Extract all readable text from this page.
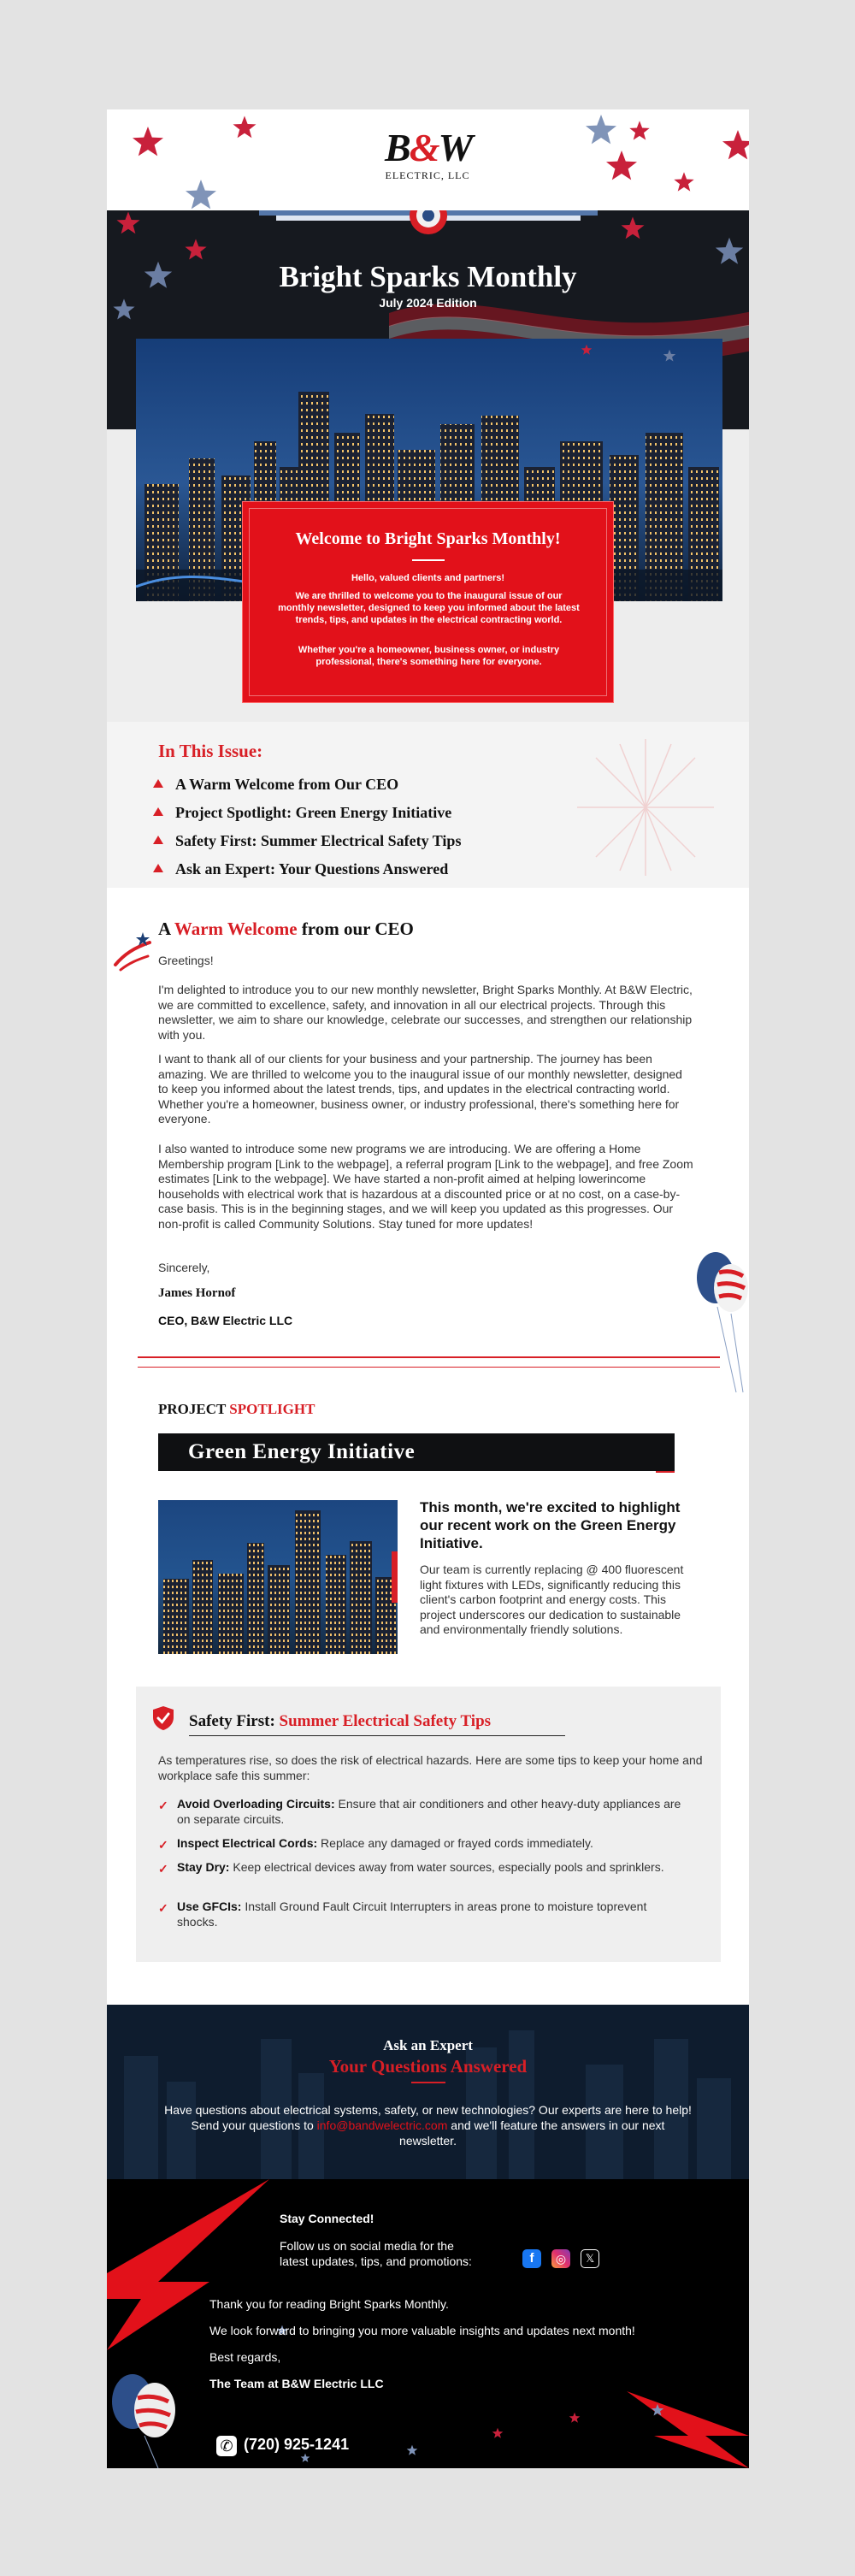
B&W
ELECTRIC, LLC
Bright Sparks Monthly
July 2024 Edition
Welcome to Bright Sparks Monthly!
Hello, valued clients and partners!
We are thrilled to welcome you to the inaugural issue of our monthly newsletter, designed to keep you informed about the latest trends, tips, and updates in the electrical contracting world.
Whether you're a homeowner, business owner, or industry professional, there's something here for everyone.
In This Issue:
A Warm Welcome from Our CEO
Project Spotlight: Green Energy Initiative
Safety First: Summer Electrical Safety Tips
Ask an Expert: Your Questions Answered
A Warm Welcome from our CEO
Greetings!
I'm delighted to introduce you to our new monthly newsletter, Bright Sparks Monthly. At B&W Electric, we are committed to excellence, safety, and innovation in all our electrical projects. Through this newsletter, we aim to share our knowledge, celebrate our successes, and strengthen our relationship with you.
I want to thank all of our clients for your business and your partnership. The journey has been amazing. We are thrilled to welcome you to the inaugural issue of our monthly newsletter, designed to keep you informed about the latest trends, tips, and updates in the electrical contracting world. Whether you're a homeowner, business owner, or industry professional, there's something here for everyone.
I also wanted to introduce some new programs we are introducing. We are offering a Home Membership program [Link to the webpage], a referral program [Link to the webpage], and free Zoom estimates [Link to the webpage]. We have started a non-profit aimed at helping lowerincome households with electrical work that is hazardous at a discounted price or at no cost, on a case-by-case basis. This is in the beginning stages, and we will keep you updated as this progresses. Our non-profit is called Community Solutions. Stay tuned for more updates!
Sincerely,
James Hornof
CEO, B&W Electric LLC
PROJECT SPOTLIGHT
Green Energy Initiative
This month, we're excited to highlight our recent work on the Green Energy Initiative.
Our team is currently replacing @ 400 fluorescent light fixtures with LEDs, significantly reducing this client's carbon footprint and energy costs. This project underscores our dedication to sustainable and environmentally friendly solutions.
Safety First: Summer Electrical Safety Tips
As temperatures rise, so does the risk of electrical hazards. Here are some tips to keep your home and workplace safe this summer:
✓ Avoid Overloading Circuits: Ensure that air conditioners and other heavy-duty appliances are on separate circuits.
✓ Inspect Electrical Cords: Replace any damaged or frayed cords immediately.
✓ Stay Dry: Keep electrical devices away from water sources, especially pools and sprinklers.
✓ Use GFCIs: Install Ground Fault Circuit Interrupters in areas prone to moisture toprevent shocks.
Ask an Expert
Your Questions Answered
Have questions about electrical systems, safety, or new technologies? Our experts are here to help! Send your questions to info@bandwelectric.com and we'll feature the answers in our next newsletter.
Stay Connected!
Follow us on social media for the latest updates, tips, and promotions:	f	◎	𝕏
Thank you for reading Bright Sparks Monthly.
We look forward to bringing you more valuable insights and updates next month!
Best regards,
The Team at B&W Electric LLC
✆ (720) 925-1241
